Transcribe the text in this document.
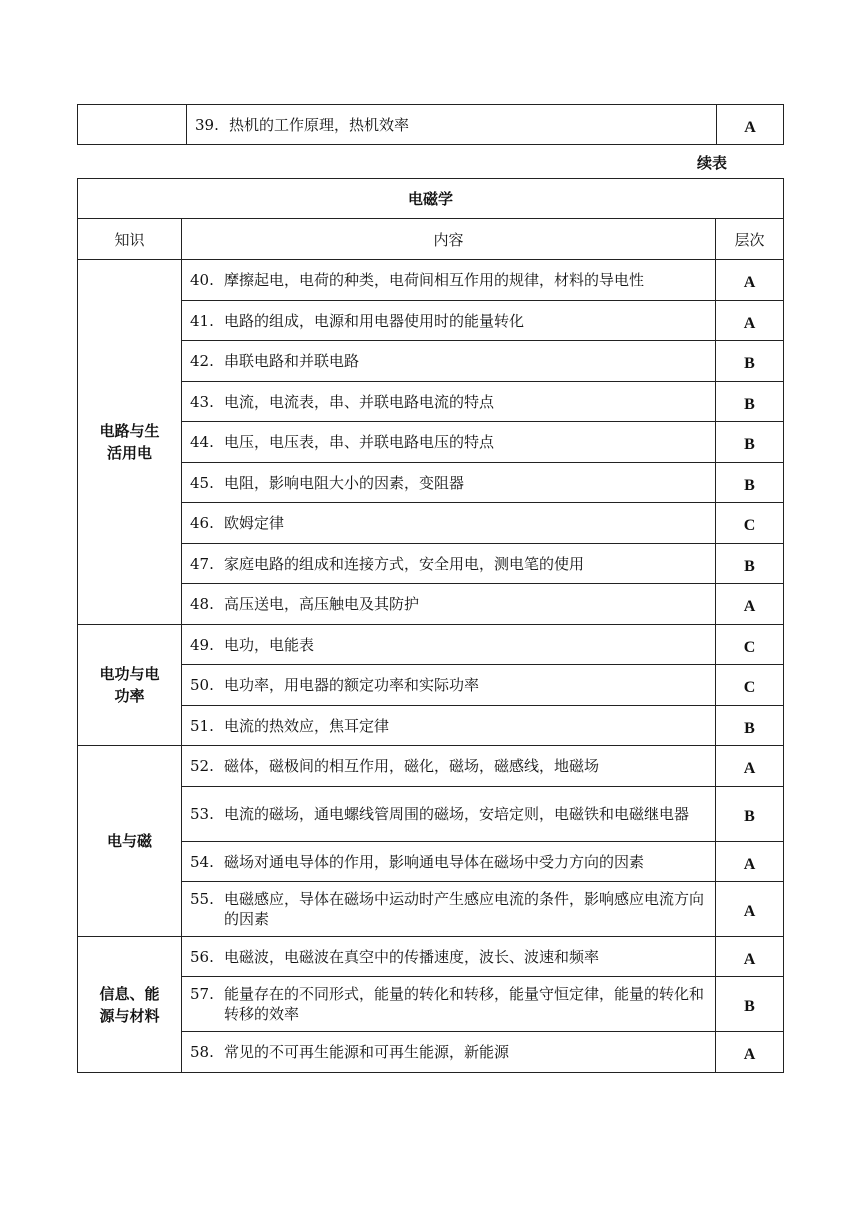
	39. 热机的工作原理，热机效率	A
续表
电磁学		
知识	内容	层次

电路与生活用电	40. 摩擦起电，电荷的种类，电荷间相互作用的规律，材料的导电性	A
	41. 电路的组成，电源和用电器使用时的能量转化	A
	42. 串联电路和并联电路	B
	43. 电流，电流表，串、并联电路电流的特点	B
	44. 电压，电压表，串、并联电路电压的特点	B
	45. 电阻，影响电阻大小的因素，变阻器	B
	46. 欧姆定律	C
	47. 家庭电路的组成和连接方式，安全用电，测电笔的使用	B
	48. 高压送电，高压触电及其防护	A

电功与电功率	49. 电功，电能表	C
	50. 电功率，用电器的额定功率和实际功率	C
	51. 电流的热效应，焦耳定律	B

电与磁	52. 磁体，磁极间的相互作用，磁化，磁场，磁感线，地磁场	A
	53. 电流的磁场，通电螺线管周围的磁场，安培定则，电磁铁和电磁继电器	B
	54. 磁场对通电导体的作用，影响通电导体在磁场中受力方向的因素	A
	55. 电磁感应，导体在磁场中运动时产生感应电流的条件，影响感应电流方向的因素	A

信息、能源与材料	56. 电磁波，电磁波在真空中的传播速度，波长、波速和频率	A
	57. 能量存在的不同形式，能量的转化和转移，能量守恒定律，能量的转化和转移的效率	B
	58. 常见的不可再生能源和可再生能源，新能源	A
